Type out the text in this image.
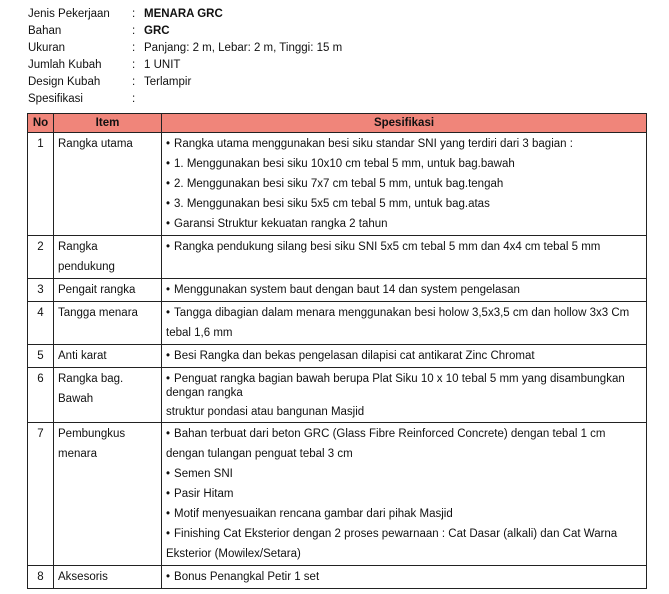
Jenis Pekerjaan	: MENARA GRC
Bahan	: GRC
Ukuran	: Panjang: 2 m, Lebar: 2 m, Tinggi: 15 m
Jumlah Kubah	: 1 UNIT
Design Kubah	: Terlampir
Spesifikasi	:
No	Item	Spesifikasi
1	Rangka utama	• Rangka utama menggunakan besi siku standar SNI yang terdiri dari 3 bagian :
• 1. Menggunakan besi siku 10x10 cm tebal 5 mm, untuk bag.bawah
• 2. Menggunakan besi siku 7x7 cm tebal 5 mm, untuk bag.tengah
• 3. Menggunakan besi siku 5x5 cm tebal 5 mm, untuk bag.atas
• Garansi Struktur kekuatan rangka 2 tahun

2	Rangka pendukung	• Rangka pendukung silang besi siku SNI 5x5 cm tebal 5 mm dan 4x4 cm tebal 5 mm

3	Pengait rangka	• Menggunakan system baut dengan baut 14 dan system pengelasan

4	Tangga menara	• Tangga dibagian dalam menara menggunakan besi holow 3,5x3,5 cm dan hollow 3x3 Cm tebal 1,6 mm

5	Anti karat	• Besi Rangka dan bekas pengelasan dilapisi cat antikarat Zinc Chromat

6	Rangka bag. Bawah	• Penguat rangka bagian bawah berupa Plat Siku 10 x 10 tebal 5 mm yang disambungkan dengan rangka
struktur pondasi atau bangunan Masjid

7	Pembungkus menara	• Bahan terbuat dari beton GRC (Glass Fibre Reinforced Concrete) dengan tebal 1 cm dengan tulangan penguat tebal 3 cm
• Semen SNI
• Pasir Hitam
• Motif menyesuaikan rencana gambar dari pihak Masjid
• Finishing Cat Eksterior dengan 2 proses pewarnaan : Cat Dasar (alkali) dan Cat Warna Eksterior (Mowilex/Setara)

8	Aksesoris	• Bonus Penangkal Petir 1 set
